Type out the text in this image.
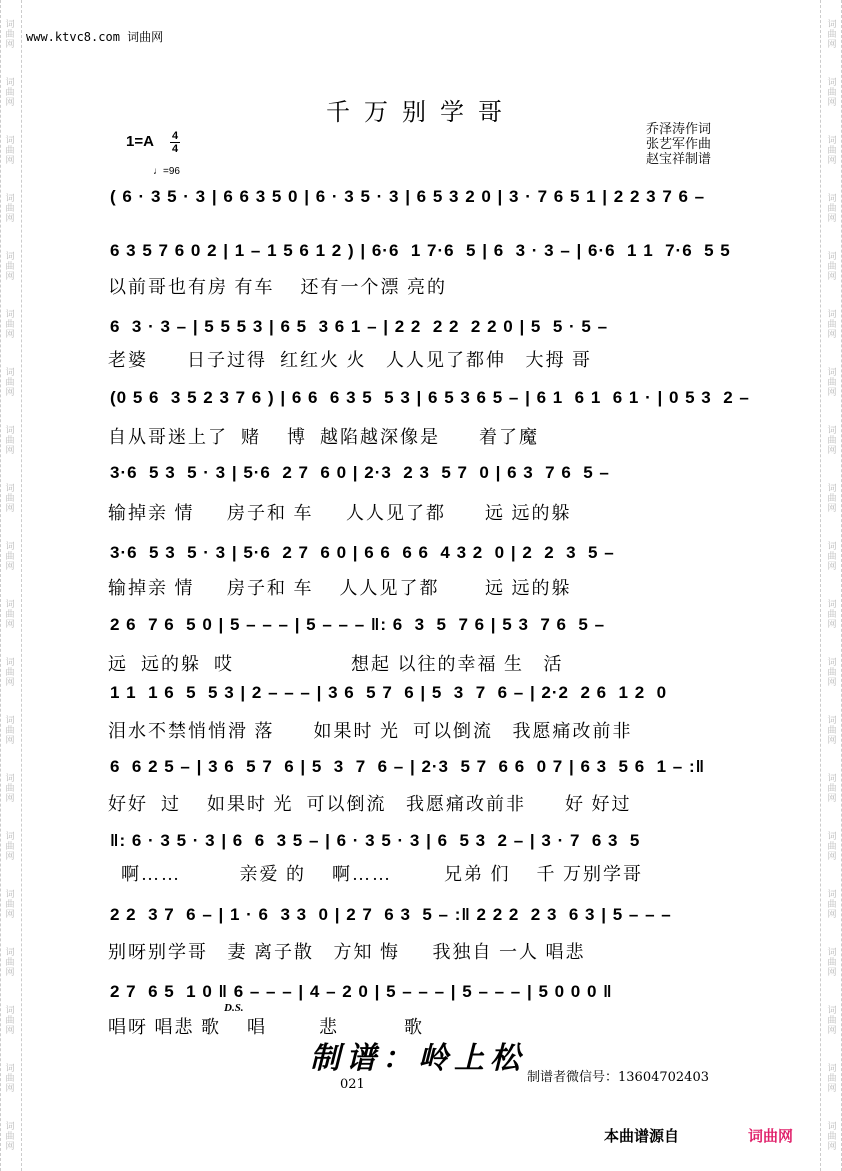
词
曲
网
词
曲
网
词
曲
网
词
曲
网
词
曲
网
词
曲
网
词
曲
网
词
曲
网
词
曲
网
词
曲
网
词
曲
网
词
曲
网
词
曲
网
词
曲
网
词
曲
网
词
曲
网
词
曲
网
词
曲
网
词
曲
网
词
曲
网
词
曲
网
词
曲
网
词
曲
网
词
曲
网
词
曲
网
词
曲
网
词
曲
网
词
曲
网
词
曲
网
词
曲
网
词
曲
网
词
曲
网
词
曲
网
词
曲
网
词
曲
网
词
曲
网
词
曲
网
词
曲
网
词
曲
网
词
曲
网
www.ktvc8.com 词曲网
千万别学哥
乔泽涛作词
张艺军作曲
赵宝祥制谱
1=A 4
4
♩=96
( 6 · 3 5 · 3 | 6 6 3 5 0 | 6 · 3 5 · 3 | 6 5 3 2 0 | 3 · 7 6 5 1 | 2 2 3 7 6 –
6 3 5 7 6 0 2 | 1 – 1 5 6 1 2 ) | 6·6  1 7·6  5 | 6  3 · 3 – | 6·6  1 1  7·6  5 5
以前哥也有房 有车    还有一个漂 亮的
6  3 · 3 – | 5 5 5 3 | 6 5  3 6 1 – | 2 2  2 2  2 2 0 | 5  5 · 5 –
老婆      日子过得  红红火 火   人人见了都伸   大拇 哥
(0 5 6  3 5 2 3 7 6 ) | 6 6  6 3 5  5 3 | 6 5 3 6 5 – | 6 1  6 1  6 1 · | 0 5 3  2 –
自从哥迷上了  赌    博  越陷越深像是      着了魔
3·6  5 3  5 · 3 | 5·6  2 7  6 0 | 2·3  2 3  5 7  0 | 6 3  7 6  5 –
输掉亲 情     房子和 车     人人见了都      远 远的躲
3·6  5 3  5 · 3 | 5·6  2 7  6 0 | 6 6  6 6  4 3 2  0 | 2  2  3  5 –
输掉亲 情     房子和 车    人人见了都       远 远的躲
2 6  7 6  5 0 | 5 – – – | 5 – – – ‖: 6  3  5  7 6 | 5 3  7 6  5 –
远  远的躲  哎                  想起 以往的幸福 生   活
1 1  1 6  5  5 3 | 2 – – – | 3 6  5 7  6 | 5  3  7  6 – | 2·2  2 6  1 2  0
泪水不禁悄悄滑 落      如果时 光  可以倒流   我愿痛改前非
6  6 2 5 – | 3 6  5 7  6 | 5  3  7  6 – | 2·3  5 7  6 6  0 7 | 6 3  5 6  1 – :‖
好好  过    如果时 光  可以倒流   我愿痛改前非      好 好过
‖: 6 · 3 5 · 3 | 6  6  3 5 – | 6 · 3 5 · 3 | 6  5 3  2 – | 3 · 7  6 3  5
啊……         亲爱 的    啊……        兄弟 们    千 万别学哥
2 2  3 7  6 – | 1 · 6  3 3  0 | 2 7  6 3  5 – :‖ 2 2 2  2 3  6 3 | 5 – – –
别呀别学哥   妻 离子散   方知 悔     我独自 一人 唱悲
2 7  6 5  1 0 ‖ 6 – – – | 4 – 2 0 | 5 – – – | 5 – – – | 5 0 0 0 ‖
唱呀 唱悲 歌    唱        悲          歌
D.S.
制谱：岭上松
021	制谱者微信号：13604702403
本曲谱源自	词曲网
